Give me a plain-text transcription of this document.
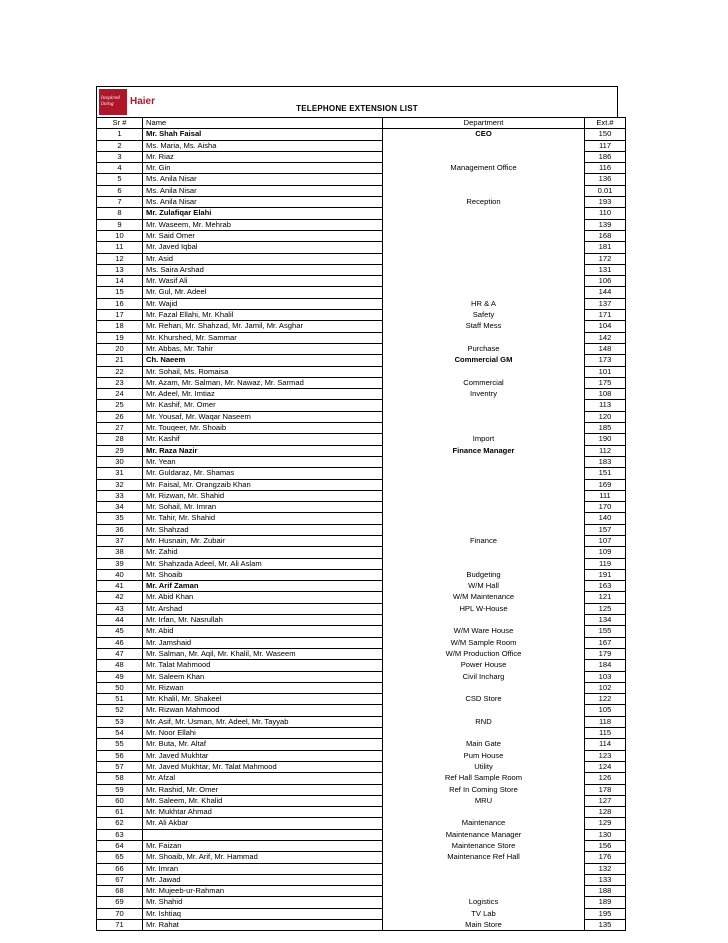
Inspired living	Haier
TELEPHONE EXTENSION LIST
Sr #	Name	Department	Ext.#
1	Mr. Shah Faisal	CEO	150
2	Ms. Maria, Ms. Aisha		117
3	Mr. Riaz		186
4	Mr. Gin	Management Office	116
5	Ms. Anila Nisar		136
6	Ms. Anila Nisar		0.01
7	Ms. Anila Nisar	Reception	193
8	Mr. Zulafiqar Elahi		110
9	Mr. Waseem, Mr. Mehrab		139
10	Mr. Said Omer		168
11	Mr. Javed Iqbal		181
12	Mr. Asid		172
13	Ms. Saira Arshad		131
14	Mr. Wasif Ali		106
15	Mr. Gul, Mr. Adeel		144
16	Mr. Wajid	HR & A	137
17	Mr. Fazal Ellahi, Mr. Khalil	Safety	171
18	Mr. Rehan, Mr. Shahzad, Mr. Jamil, Mr. Asghar	Staff Mess	104
19	Mr. Khurshed, Mr. Sammar		142
20	Mr. Abbas, Mr. Tahir	Purchase	148
21	Ch. Naeem	Commercial GM	173
22	Mr. Sohail, Ms. Romaisa		101
23	Mr. Azam, Mr. Salman, Mr. Nawaz, Mr. Sarmad	Commercial	175
24	Mr. Adeel, Mr. Imtiaz	Inventry	108
25	Mr. Kashif, Mr. Omer		113
26	Mr. Yousaf, Mr. Waqar Naseem		120
27	Mr. Touqeer, Mr. Shoaib		185
28	Mr. Kashif	Import	190
29	Mr. Raza Nazir	Finance Manager	112
30	Mr. Yean		183
31	Mr. Guldaraz, Mr. Shamas		151
32	Mr. Faisal, Mr. Orangzaib Khan		169
33	Mr. Rizwan, Mr. Shahid		111
34	Mr. Sohail, Mr. Imran		170
35	Mr. Tahir, Mr. Shahid		140
36	Mr. Shahzad		157
37	Mr. Husnain, Mr. Zubair	Finance	107
38	Mr. Zahid		109
39	Mr. Shahzada Adeel, Mr. Ali Aslam		119
40	Mr. Shoaib	Budgeting	191
41	Mr. Arif Zaman	W/M Hall	163
42	Mr. Abid Khan	W/M Maintenance	121
43	Mr. Arshad	HPL W-House	125
44	Mr. Irfan, Mr. Nasrullah		134
45	Mr. Abid	W/M Ware House	155
46	Mr. Jamshaid	W/M Sample Room	167
47	Mr. Salman, Mr. Aqil, Mr. Khalil, Mr. Waseem	W/M Production Office	179
48	Mr. Talat Mahmood	Power House	184
49	Mr. Saleem Khan	Civil Incharg	103
50	Mr. Rizwan		102
51	Mr. Khalil, Mr. Shakeel	CSD Store	122
52	Mr. Rizwan Mahmood		105
53	Mr. Asif, Mr. Usman, Mr. Adeel, Mr. Tayyab	RND	118
54	Mr. Noor Ellahi		115
55	Mr. Buta, Mr. Altaf	Main Gate	114
56	Mr. Javed Mukhtar	Pum House	123
57	Mr. Javed Mukhtar, Mr. Talat Mahmood	Utility	124
58	Mr. Afzal	Ref Hall Sample Room	126
59	Mr. Rashid, Mr. Omer	Ref In Coming Store	178
60	Mr. Saleem, Mr. Khalid	MRU	127
61	Mr. Mukhtar Ahmad		128
62	Mr. Ali Akbar	Maintenance	129
63		Maintenance Manager	130
64	Mr. Faizan	Maintenance Store	156
65	Mr. Shoaib, Mr. Arif, Mr. Hammad	Maintenance Ref Hall	176
66	Mr. Imran		132
67	Mr. Jawad		133
68	Mr. Mujeeb-ur-Rahman		188
69	Mr. Shahid	Logistics	189
70	Mr. Ishtiaq	TV Lab	195
71	Mr. Rahat	Main Store	135
